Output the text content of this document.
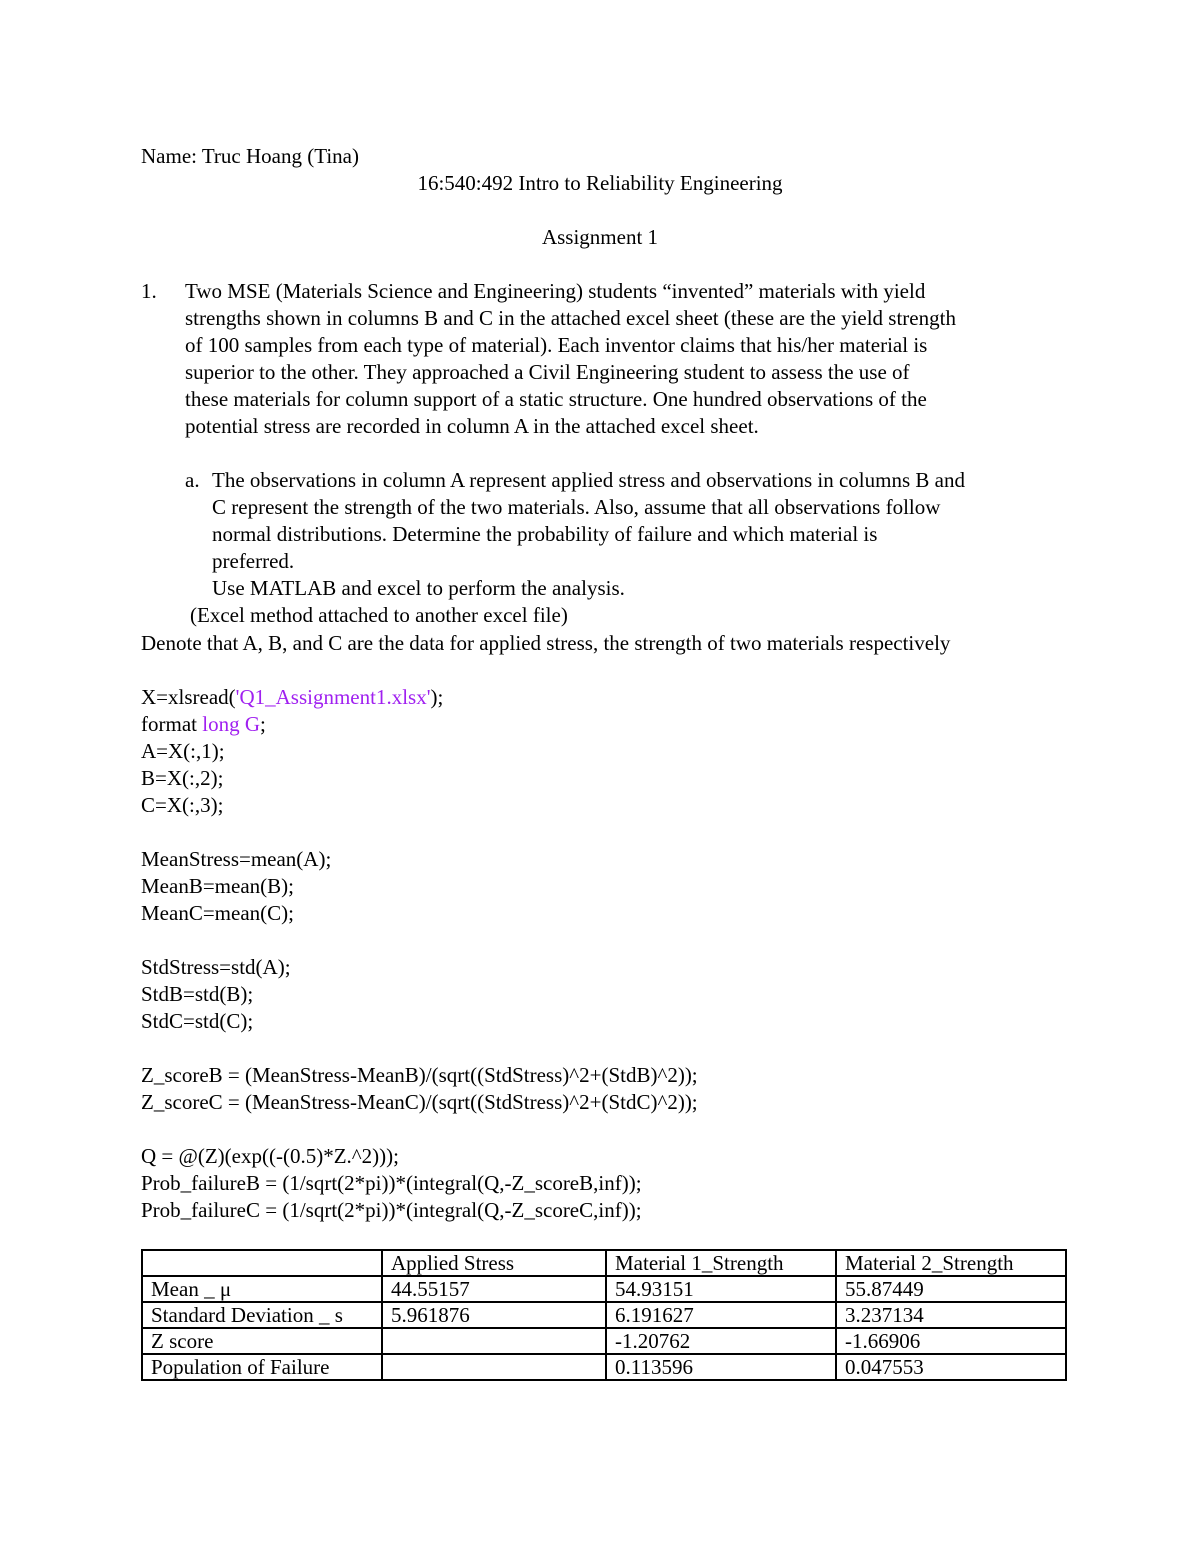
Name: Truc Hoang (Tina)
16:540:492 Intro to Reliability Engineering
Assignment 1
1. Two MSE (Materials Science and Engineering) students “invented” materials with yield
strengths shown in columns B and C in the attached excel sheet (these are the yield strength
of 100 samples from each type of material). Each inventor claims that his/her material is
superior to the other. They approached a Civil Engineering student to assess the use of
these materials for column support of a static structure. One hundred observations of the
potential stress are recorded in column A in the attached excel sheet.
a. The observations in column A represent applied stress and observations in columns B and
C represent the strength of the two materials. Also, assume that all observations follow
normal distributions. Determine the probability of failure and which material is
preferred.
Use MATLAB and excel to perform the analysis.
(Excel method attached to another excel file)
Denote that A, B, and C are the data for applied stress, the strength of two materials respectively
X=xlsread('Q1_Assignment1.xlsx');
format long G;
A=X(:,1);
B=X(:,2);
C=X(:,3);
MeanStress=mean(A);
MeanB=mean(B);
MeanC=mean(C);
StdStress=std(A);
StdB=std(B);
StdC=std(C);
Z_scoreB = (MeanStress-MeanB)/(sqrt((StdStress)^2+(StdB)^2));
Z_scoreC = (MeanStress-MeanC)/(sqrt((StdStress)^2+(StdC)^2));
Q = @(Z)(exp((-(0.5)*Z.^2)));
Prob_failureB = (1/sqrt(2*pi))*(integral(Q,-Z_scoreB,inf));
Prob_failureC = (1/sqrt(2*pi))*(integral(Q,-Z_scoreC,inf));
	Applied Stress	Material 1_Strength	Material 2_Strength
Mean _ μ	44.55157	54.93151	55.87449
Standard Deviation _ s	5.961876	6.191627	3.237134
Z score		-1.20762	-1.66906
Population of Failure		0.113596	0.047553
